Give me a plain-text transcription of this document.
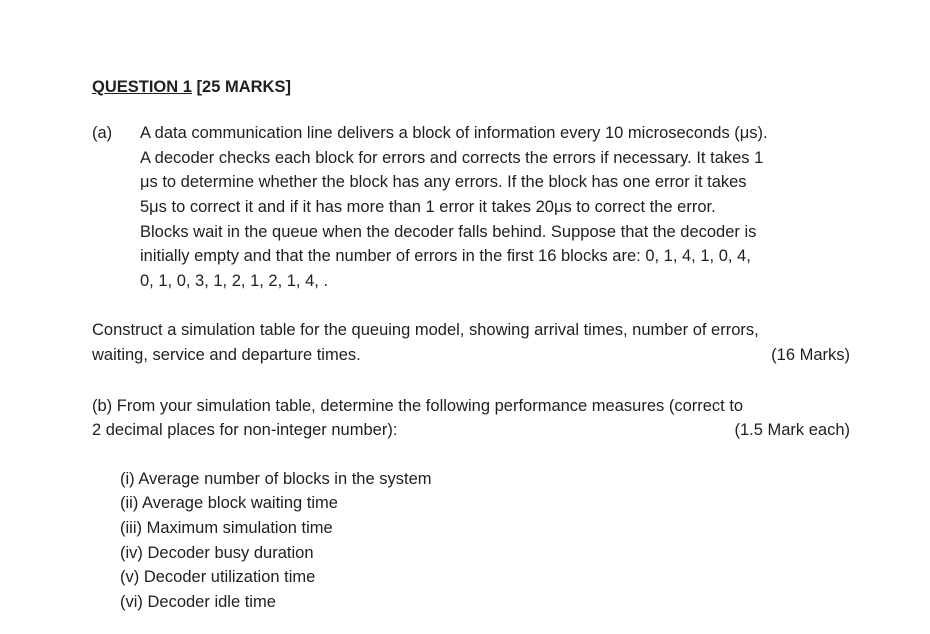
QUESTION 1 [25 MARKS]
(a) A data communication line delivers a block of information every 10 microseconds (μs).
A decoder checks each block for errors and corrects the errors if necessary. It takes 1
μs to determine whether the block has any errors. If the block has one error it takes
5μs to correct it and if it has more than 1 error it takes 20μs to correct the error.
Blocks wait in the queue when the decoder falls behind. Suppose that the decoder is
initially empty and that the number of errors in the first 16 blocks are: 0, 1, 4, 1, 0, 4,
0, 1, 0, 3, 1, 2, 1, 2, 1, 4, .
Construct a simulation table for the queuing model, showing arrival times, number of errors,
waiting, service and departure times.	(16 Marks)
(b) From your simulation table, determine the following performance measures (correct to
2 decimal places for non-integer number):	(1.5 Mark each)
(i) Average number of blocks in the system
(ii) Average block waiting time
(iii) Maximum simulation time
(iv) Decoder busy duration
(v) Decoder utilization time
(vi) Decoder idle time
